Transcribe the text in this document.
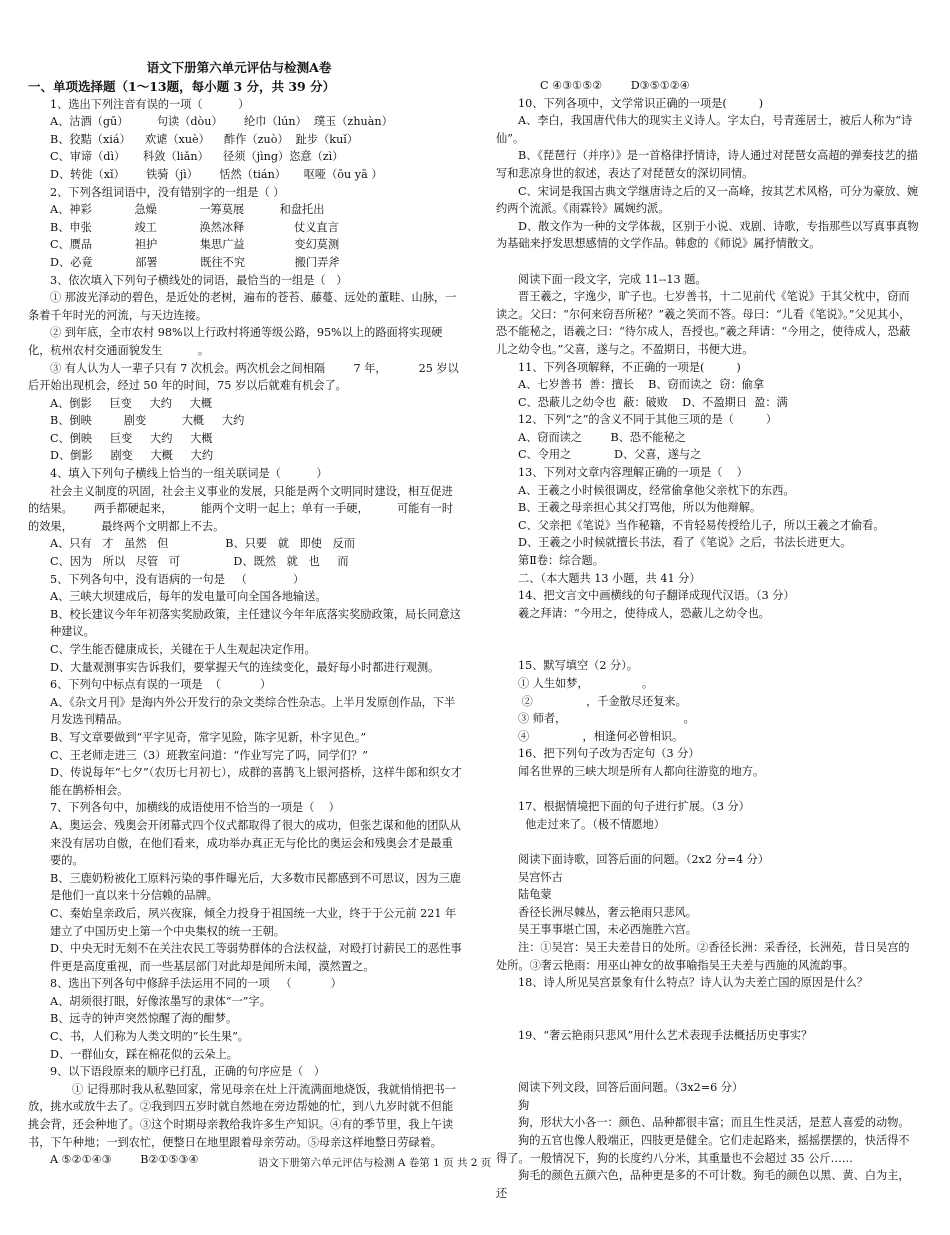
语文下册第六单元评估与检测A卷
一、单项选择题（1～13题，每小题 3 分，共 39 分）

1、选出下列注音有误的一项（          ）

A、沽酒（gū）        句读（dòu）      纶巾（lún）  璞玉（zhuàn）

B、狡黠（xiá）    欢谑（xuè）    酢作（zuò）  趾步（kuǐ）

C、审谛（dì）     科敛（liǎn）    径须（jìng）恣意（zì）

D、转徙（xǐ）      铁骑（jì）      恬然（tián）     呕哑（ōu yā ）

2、下列各组词语中，没有错别字的一组是（ ）

A、神彩            急燥            一筹莫展          和盘托出

B、申张            竣工            涣然冰释              仗义直言

C、赝品            袒护            集思广益              变幻莫测

D、必竟            部署            既往不究              搬门弄斧

3、依次填入下列句子横线处的词语，最恰当的一组是（   ）

① 那波光泽动的碧色，是近处的老树，遍布的苍苔、藤蔓、远处的董畦、山脉，一条着千年时光的河流，与天边连接。

② 到年底，全市农村 98%以上行政村将通等级公路，95%以上的路面将实现硬化，杭州农村交通面貌发生          。

③ 有人认为人一辈子只有 7 次机会。两次机会之间相隔        7 年，         25 岁以后开始出现机会，经过 50 年的时间，75 岁以后就难有机会了。

A、倒影     巨变     大约     大概

B、倒映         剧变          大概     大约

C、倒映     巨变     大约     大概

D、倒影     剧变     大概     大约

4、填入下列句子横线上恰当的一组关联词是（          ）

社会主义制度的巩固，社会主义事业的发展，只能是两个文明同时建设，相互促进的结果。      两手都硬起来，        能两个文明一起上；单有一手硬，        可能有一时的效果，        最终两个文明都上不去。

A、只有   才   虽然   但                B、只要   就   即使   反而

C、因为   所以   尽管   可               D、既然   就   也     而

5、下列各句中，没有语病的一句是   （             ）

A、三峡大坝建成后，每年的发电量可向全国各地输送。

B、校长建议今年年初落实奖励政策，主任建议今年年底落实奖励政策，局长同意这种建议。

C、学生能否健康成长，关键在于人生观起决定作用。

D、大量观测事实告诉我们，要掌握天气的连续变化，最好每小时都进行观测。

6、下列句中标点有误的一项是  （           ）

A、《杂文月刊》是海内外公开发行的杂文类综合性杂志。上半月发原创作品，下半月发选刊精品。

B、写文章要做到“平字见奇，常字见险，陈字见新，朴字见色。”

C、王老师走进三（3）班教室问道：“作业写完了吗，同学们？”

D、传说每年“七夕”（农历七月初七），成群的喜鹊飞上银河搭桥，这样牛郎和织女才能在鹊桥相会。

7、下列各句中，加横线的成语使用不恰当的一项是（    ）

A、奥运会、残奥会开闭幕式四个仪式都取得了很大的成功，但张艺谋和他的团队从来没有居功自傲，在他们看来，成功举办真正无与伦比的奥运会和残奥会才是最重要的。

B、三鹿奶粉被化工原料污染的事件曝光后，大多数市民都感到不可思议，因为三鹿是他们一直以来十分信赖的品牌。

C、秦始皇亲政后，夙兴夜寐，倾全力投身于祖国统一大业，终于于公元前 221 年建立了中国历史上第一个中央集权的统一王朝。

D、中央无时无刻不在关注农民工等弱势群体的合法权益，对殴打讨薪民工的恶性事件更是高度重视，而一些基层部门对此却是闻所未闻，漠然置之。

8、选出下列各句中修辞手法运用不同的一项   （           ）

A、胡须很打眼，好像浓墨写的隶体“一”字。

B、远寺的钟声突然惊醒了海的酣梦。

C、书，人们称为人类文明的“长生果”。

D、一群仙女，踩在棉花似的云朵上。

9、以下语段原来的顺序已打乱，正确的句序应是（   ）

① 记得那时我从私塾回家，常见母亲在灶上汗流满面地烧饭，我就悄悄把书一放，挑水或放牛去了。②我到四五岁时就自然地在旁边帮她的忙，到八九岁时就不但能挑会背，还会种地了。③这个时期母亲教给我许多生产知识。④有的季节里，我上午读书，下午种地；一到农忙，便整日在地里跟着母亲劳动。⑤母亲这样地整日劳碌着。

A ⑤②①④③        B②①⑤③④

C ④③①⑤②        D③⑤①②④

10、下列各项中，文学常识正确的一项是(         )

A、李白，我国唐代伟大的现实主义诗人。字太白，号青莲居士，被后人称为“诗仙”。

B、《琵琶行（并序）》是一首格律抒情诗，诗人通过对琵琶女高超的弹奏技艺的描写和悲凉身世的叙述，表达了对琵琶女的深切同情。

C、宋词是我国古典文学继唐诗之后的又一高峰，按其艺术风格，可分为豪放、婉约两个流派。《雨霖铃》属婉约派。

D、散文作为一种的文学体裁，区别于小说、戏剧、诗歌，专指那些以写真事真物为基础来抒发思想感情的文学作品。韩愈的《师说》属抒情散文。

阅读下面一段文字，完成 11--13 题。

晋王羲之，字逸少，旷子也。七岁善书，十二见前代《笔说》于其父枕中，窃而读之。父曰：“尔何来窃吾所秘？”羲之笑而不答。母曰：“儿看《笔说》。”父见其小，恐不能秘之，语羲之曰：“待尔成人，吾授也。”羲之拜请：“今用之，使待成人，恐蔽儿之幼令也。”父喜，遂与之。不盈期日，书便大进。

11、下列各项解释，不正确的一项是(         )

A、七岁善书  善：擅长    B、窃而读之  窃：偷拿

C、恐蔽儿之幼令也  蔽：破败    D、不盈期日  盈：满

12、下列“之”的含义不同于其他三项的是（         ）

A、窃而读之        B、恐不能秘之

C、令用之            D、父喜，遂与之

13、下列对文章内容理解正确的一项是（    ）

A、王羲之小时候很调皮，经常偷拿他父亲枕下的东西。

B、王羲之母亲担心其父打骂他，所以为他辩解。

C、父亲把《笔说》当作秘籍，不肯轻易传授给儿子，所以王羲之才偷看。

D、王羲之小时候就擅长书法，看了《笔说》之后，书法长进更大。

第Ⅱ卷：综合题。

二、（本大题共 13 小题，共 41 分）

14、把文言文中画横线的句子翻译成现代汉语。（3 分）

羲之拜请：“今用之，使待成人，恐蔽儿之幼令也。

15、默写填空（2 分）。

① 人生如梦，               。

②               ，千金散尽还复来。

③ 师者，                                 。

④               ，相逢何必曾相识。

16、把下列句子改为否定句（3 分）

闻名世界的三峡大坝是所有人都向往游览的地方。

17、根据情境把下面的句子进行扩展。（3 分）

他走过来了。（极不情愿地）

阅读下面诗歌，回答后面的问题。（2x2 分=4 分）

吴宫怀古

陆龟蒙

香径长洲尽棘丛，奢云艳雨只悲风。

吴王事事堪亡国，未必西施胜六宫。

注：①吴宫：吴王夫差昔日的处所。②香径长洲：采香径，长洲苑，昔日吴宫的处所。③奢云艳雨：用巫山神女的故事喻指吴王夫差与西施的风流韵事。

18、诗人所见吴宫景象有什么特点？诗人认为夫差亡国的原因是什么？

19、“奢云艳雨只悲风”用什么艺术表现手法概括历史事实？

阅读下列文段，回答后面问题。（3x2=6 分）

狗

狗，形状大小各一：颜色、品种都很丰富；而且生性灵活，是惹人喜爱的动物。

狗的五官也像人般端正，四肢更是健全。它们走起路来，摇摇摆摆的，快活得不得了。一般情况下，狗的长度约八分米，其重量也不会超过 35 公斤……

狗毛的颜色五颜六色，品种更是多的不可计数。狗毛的颜色以黑、黄、白为主，还

语文下册第六单元评估与检测 A 卷第 1 页 共 2 页
